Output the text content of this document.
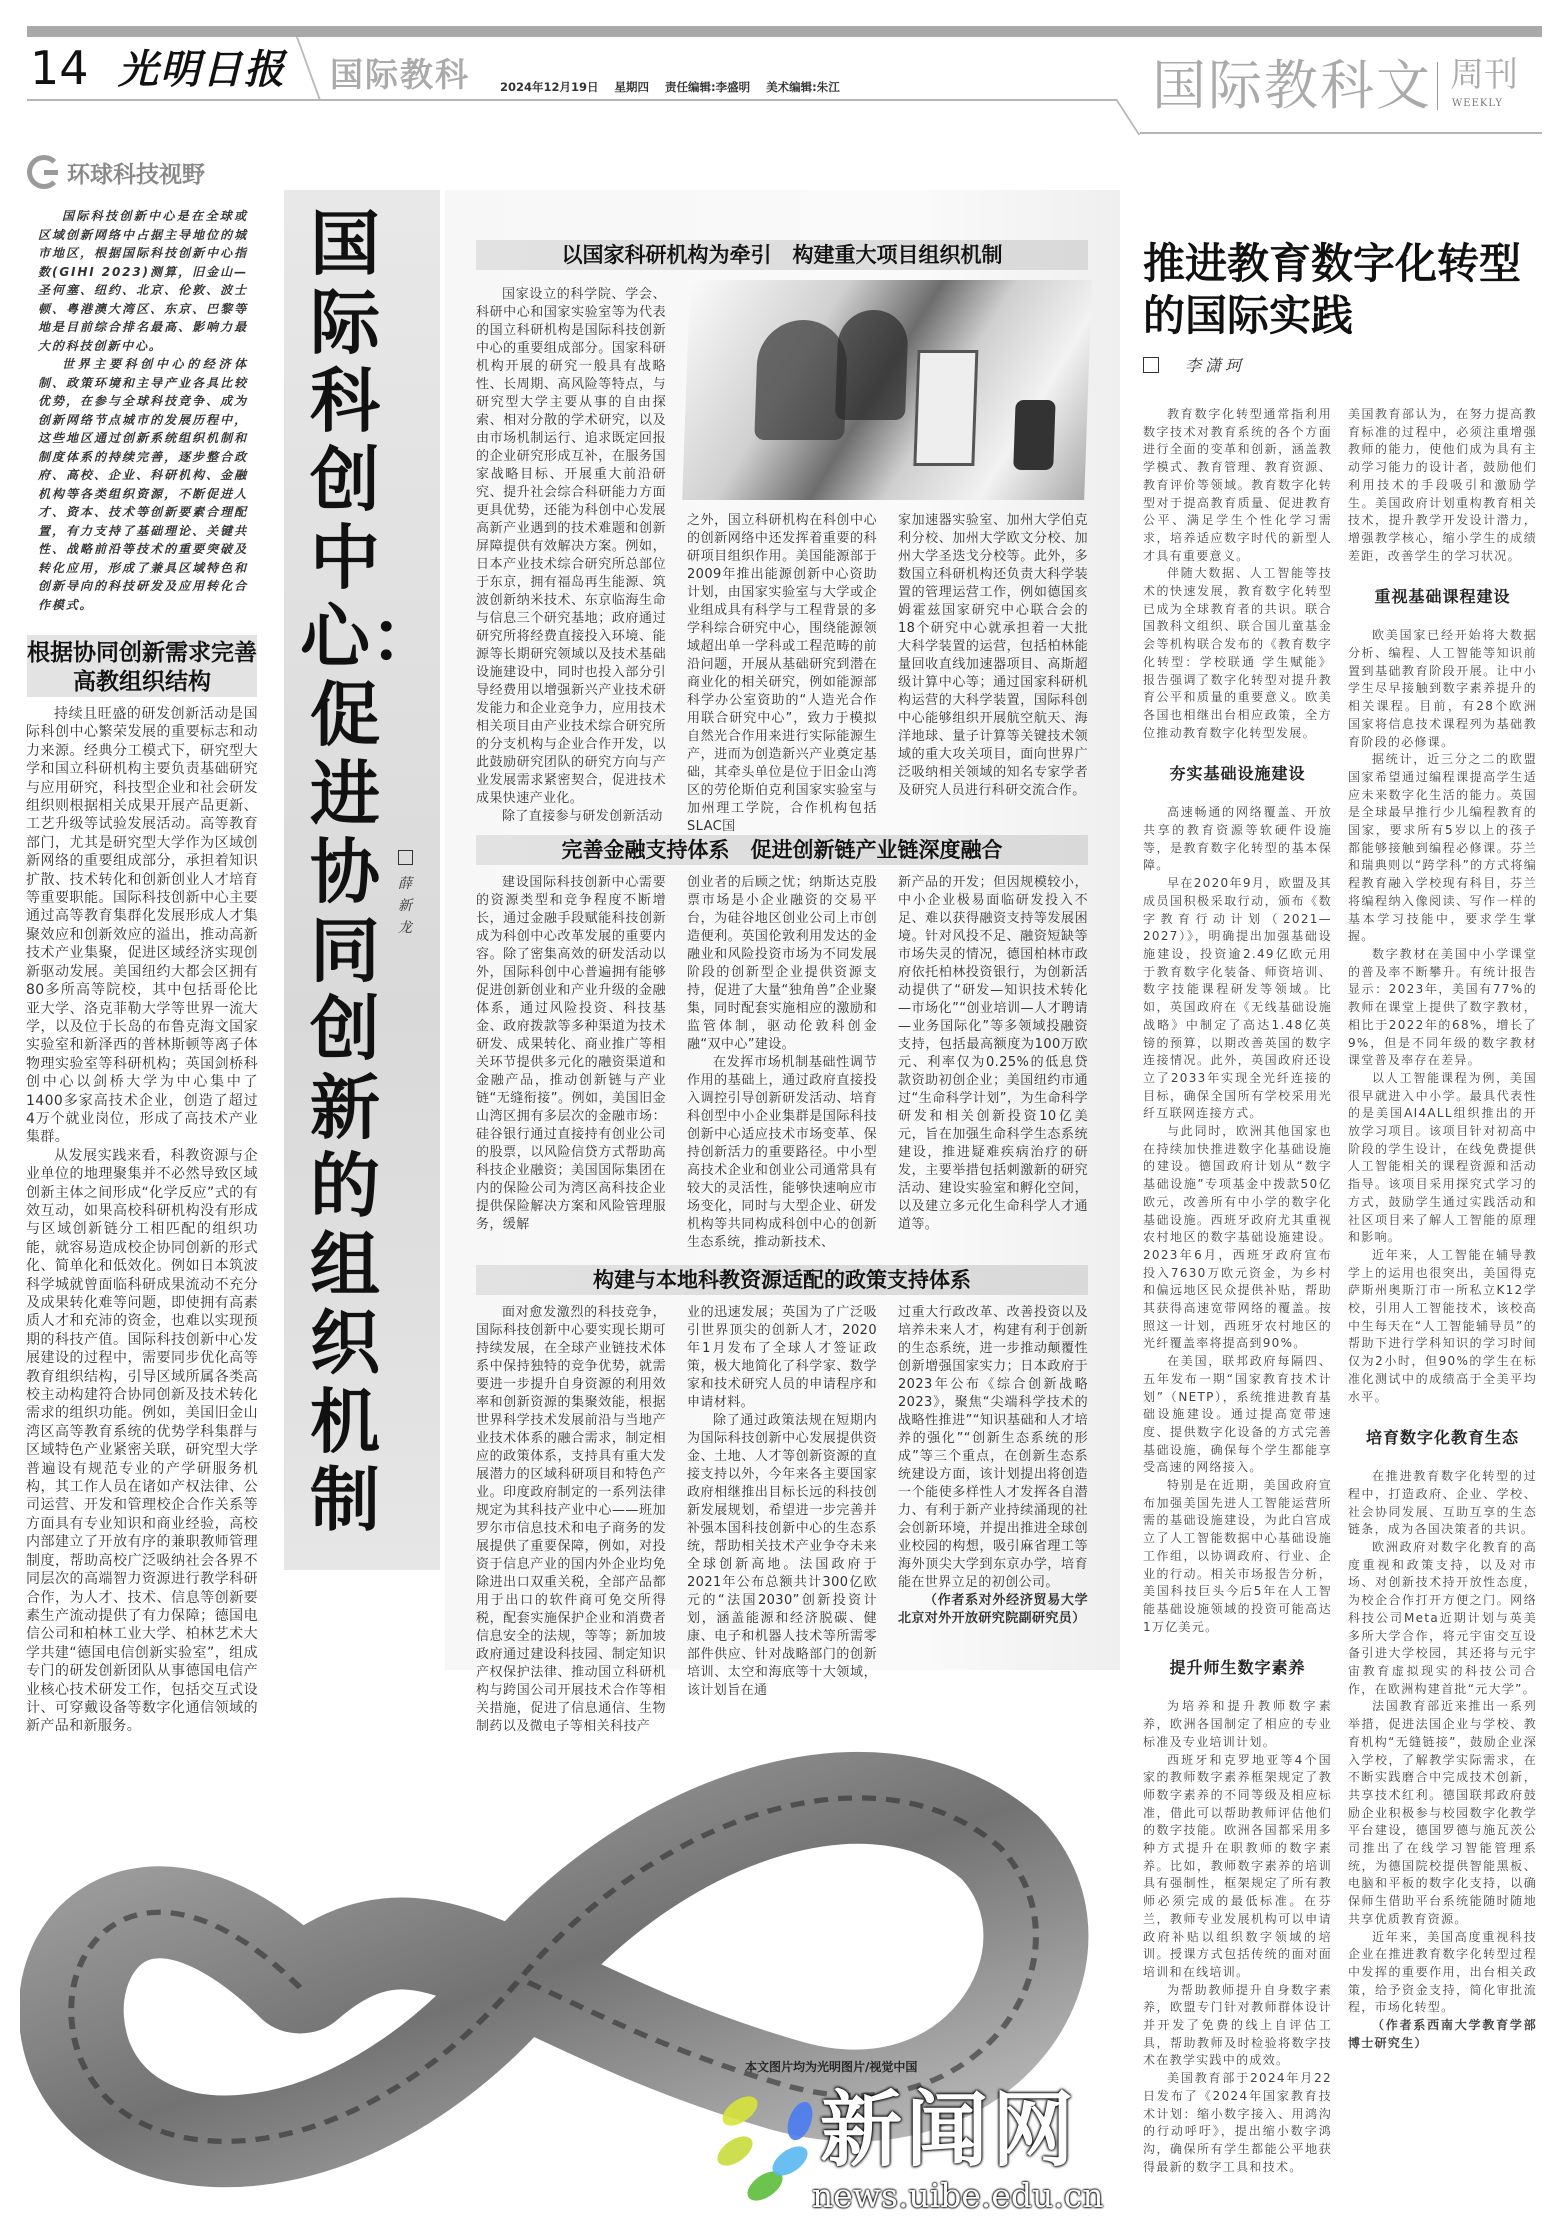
14 光明日报 国际教科	2024年12月19日 星期四 责任编辑:李盛明 美术编辑:朱江	国际教科文 周刊
WEEKLY
环球科技视野

国际科技创新中心是在全球或区域创新网络中占据主导地位的城市地区，根据国际科技创新中心指数(GIHI 2023)测算，旧金山—圣何塞、纽约、北京、伦敦、波士顿、粤港澳大湾区、东京、巴黎等地是目前综合排名最高、影响力最大的科技创新中心。

世界主要科创中心的经济体制、政策环境和主导产业各具比较优势，在参与全球科技竞争、成为创新网络节点城市的发展历程中，这些地区通过创新系统组织机制和制度体系的持续完善，逐步整合政府、高校、企业、科研机构、金融机构等各类组织资源，不断促进人才、资本、技术等创新要素合理配置，有力支持了基础理论、关键共性、战略前沿等技术的重要突破及转化应用，形成了兼具区域特色和创新导向的科技研发及应用转化合作模式。

根据协同创新需求完善高教组织结构

持续且旺盛的研发创新活动是国际科创中心繁荣发展的重要标志和动力来源。经典分工模式下，研究型大学和国立科研机构主要负责基础研究与应用研究，科技型企业和社会研发组织则根据相关成果开展产品更新、工艺升级等试验发展活动。高等教育部门，尤其是研究型大学作为区域创新网络的重要组成部分，承担着知识扩散、技术转化和创新创业人才培育等重要职能。国际科技创新中心主要通过高等教育集群化发展形成人才集聚效应和创新效应的溢出，推动高新技术产业集聚，促进区域经济实现创新驱动发展。美国纽约大都会区拥有80多所高等院校，其中包括哥伦比亚大学、洛克菲勒大学等世界一流大学，以及位于长岛的布鲁克海文国家实验室和新泽西的普林斯顿等离子体物理实验室等科研机构；英国剑桥科创中心以剑桥大学为中心集中了1400多家高技术企业，创造了超过4万个就业岗位，形成了高技术产业集群。

从发展实践来看，科教资源与企业单位的地理聚集并不必然导致区域创新主体之间形成“化学反应”式的有效互动，如果高校科研机构没有形成与区域创新链分工相匹配的组织功能，就容易造成校企协同创新的形式化、简单化和低效化。例如日本筑波科学城就曾面临科研成果流动不充分及成果转化难等问题，即使拥有高素质人才和充沛的资金，也难以实现预期的科技产值。国际科技创新中心发展建设的过程中，需要同步优化高等教育组织结构，引导区域所属各类高校主动构建符合协同创新及技术转化需求的组织功能。例如，美国旧金山湾区高等教育系统的优势学科集群与区域特色产业紧密关联，研究型大学普遍设有规范专业的产学研服务机构，其工作人员在诸如产权法律、公司运营、开发和管理校企合作关系等方面具有专业知识和商业经验，高校内部建立了开放有序的兼职教师管理制度，帮助高校广泛吸纳社会各界不同层次的高端智力资源进行教学科研合作，为人才、技术、信息等创新要素生产流动提供了有力保障；德国电信公司和柏林工业大学、柏林艺术大学共建“德国电信创新实验室”，组成专门的研发创新团队从事德国电信产业核心技术研发工作，包括交互式设计、可穿戴设备等数字化通信领域的新产品和新服务。

国际科创中心：促进协同创新的组织机制
薛新龙
以国家科研机构为牵引　构建重大项目组织机制

国家设立的科学院、学会、科研中心和国家实验室等为代表的国立科研机构是国际科技创新中心的重要组成部分。国家科研机构开展的研究一般具有战略性、长周期、高风险等特点，与研究型大学主要从事的自由探索、相对分散的学术研究，以及由市场机制运行、追求既定回报的企业研究形成互补，在服务国家战略目标、开展重大前沿研究、提升社会综合科研能力方面更具优势，还能为科创中心发展高新产业遇到的技术难题和创新屏障提供有效解决方案。例如，日本产业技术综合研究所总部位于东京，拥有福岛再生能源、筑波创新纳米技术、东京临海生命与信息三个研究基地；政府通过研究所将经费直接投入环境、能源等长期研究领域以及技术基础设施建设中，同时也投入部分引导经费用以增强新兴产业技术研发能力和企业竞争力，应用技术相关项目由产业技术综合研究所的分支机构与企业合作开发，以此鼓励研究团队的研究方向与产业发展需求紧密契合，促进技术成果快速产业化。

除了直接参与研发创新活动

之外，国立科研机构在科创中心的创新网络中还发挥着重要的科研项目组织作用。美国能源部于2009年推出能源创新中心资助计划，由国家实验室与大学或企业组成具有科学与工程背景的多学科综合研究中心，围绕能源领域超出单一学科或工程范畴的前沿问题，开展从基础研究到潜在商业化的相关研究，例如能源部科学办公室资助的“人造光合作用联合研究中心”，致力于模拟自然光合作用来进行实际能源生产，进而为创造新兴产业奠定基础，其牵头单位是位于旧金山湾区的劳伦斯伯克利国家实验室与加州理工学院，合作机构包括SLAC国

家加速器实验室、加州大学伯克利分校、加州大学欧文分校、加州大学圣迭戈分校等。此外，多数国立科研机构还负责大科学装置的管理运营工作，例如德国亥姆霍兹国家研究中心联合会的18个研究中心就承担着一大批大科学装置的运营，包括柏林能量回收直线加速器项目、高斯超级计算中心等；通过国家科研机构运营的大科学装置，国际科创中心能够组织开展航空航天、海洋地球、量子计算等关键技术领域的重大攻关项目，面向世界广泛吸纳相关领域的知名专家学者及研究人员进行科研交流合作。

完善金融支持体系　促进创新链产业链深度融合

建设国际科技创新中心需要的资源类型和竞争程度不断增长，通过金融手段赋能科技创新成为科创中心改革发展的重要内容。除了密集高效的研发活动以外，国际科创中心普遍拥有能够促进创新创业和产业升级的金融体系，通过风险投资、科技基金、政府拨款等多种渠道为技术研发、成果转化、商业推广等相关环节提供多元化的融资渠道和金融产品，推动创新链与产业链“无缝衔接”。例如，美国旧金山湾区拥有多层次的金融市场：硅谷银行通过直接持有创业公司的股票，以风险信贷方式帮助高科技企业融资；美国国际集团在内的保险公司为湾区高科技企业提供保险解决方案和风险管理服务，缓解

创业者的后顾之忧；纳斯达克股票市场是小企业融资的交易平台，为硅谷地区创业公司上市创造便利。英国伦敦利用发达的金融业和风险投资市场为不同发展阶段的创新型企业提供资源支持，促进了大量“独角兽”企业聚集，同时配套实施相应的激励和监管体制，驱动伦敦科创金融“双中心”建设。

在发挥市场机制基础性调节作用的基础上，通过政府直接投入调控引导创新研发活动、培育科创型中小企业集群是国际科技创新中心适应技术市场变革、保持创新活力的重要路径。中小型高技术企业和创业公司通常具有较大的灵活性，能够快速响应市场变化，同时与大型企业、研发机构等共同构成科创中心的创新生态系统，推动新技术、

新产品的开发；但因规模较小，中小企业极易面临研发投入不足、难以获得融资支持等发展困境。针对风投不足、融资短缺等市场失灵的情况，德国柏林市政府依托柏林投资银行，为创新活动提供了“研发—知识技术转化—市场化”“创业培训—人才聘请—业务国际化”等多领域投融资支持，包括最高额度为100万欧元、利率仅为0.25%的低息贷款资助初创企业；美国纽约市通过“生命科学计划”，为生命科学研发和相关创新投资10亿美元，旨在加强生命科学生态系统建设，推进疑难疾病治疗的研发，主要举措包括刺激新的研究活动、建设实验室和孵化空间，以及建立多元化生命科学人才通道等。

构建与本地科教资源适配的政策支持体系

面对愈发激烈的科技竞争，国际科技创新中心要实现长期可持续发展，在全球产业链技术体系中保持独特的竞争优势，就需要进一步提升自身资源的利用效率和创新资源的集聚效能，根据世界科学技术发展前沿与当地产业技术体系的融合需求，制定相应的政策体系，支持具有重大发展潜力的区域科研项目和特色产业。印度政府制定的一系列法律规定为其科技产业中心——班加罗尔市信息技术和电子商务的发展提供了重要保障，例如，对投资于信息产业的国内外企业均免除进出口双重关税，全部产品都用于出口的软件商可免交所得税，配套实施保护企业和消费者信息安全的法规，等等；新加坡政府通过建设科技园、制定知识产权保护法律、推动国立科研机构与跨国公司开展技术合作等相关措施，促进了信息通信、生物制药以及微电子等相关科技产

业的迅速发展；英国为了广泛吸引世界顶尖的创新人才，2020年1月发布了全球人才签证政策，极大地简化了科学家、数学家和技术研究人员的申请程序和申请材料。

除了通过政策法规在短期内为国际科技创新中心发展提供资金、土地、人才等创新资源的直接支持以外，今年来各主要国家政府相继推出目标长远的科技创新发展规划，希望进一步完善并补强本国科技创新中心的生态系统，帮助相关技术产业争夺未来全球创新高地。法国政府于2021年公布总额共计300亿欧元的“法国2030”创新投资计划，涵盖能源和经济脱碳、健康、电子和机器人技术等所需零部件供应、针对战略部门的创新培训、太空和海底等十大领域，该计划旨在通

过重大行政改革、改善投资以及培养未来人才，构建有利于创新的生态系统，进一步推动颠覆性创新增强国家实力；日本政府于2023年公布《综合创新战略2023》，聚焦“尖端科学技术的战略性推进”“知识基础和人才培养的强化”“创新生态系统的形成”等三个重点，在创新生态系统建设方面，该计划提出将创造一个能使多样性人才发挥各自潜力、有利于新产业持续涌现的社会创新环境，并提出推进全球创业校园的构想，吸引麻省理工等海外顶尖大学到东京办学，培育能在世界立足的初创公司。

（作者系对外经济贸易大学北京对外开放研究院副研究员）

本文图片均为光明图片/视觉中国
推进教育数字化转型
的国际实践
李潇珂

教育数字化转型通常指利用数字技术对教育系统的各个方面进行全面的变革和创新，涵盖教学模式、教育管理、教育资源、教育评价等领域。教育数字化转型对于提高教育质量、促进教育公平、满足学生个性化学习需求，培养适应数字时代的新型人才具有重要意义。

伴随大数据、人工智能等技术的快速发展，教育数字化转型已成为全球教育者的共识。联合国教科文组织、联合国儿童基金会等机构联合发布的《教育数字化转型：学校联通 学生赋能》报告强调了数字化转型对提升教育公平和质量的重要意义。欧美各国也相继出台相应政策，全方位推动教育数字化转型发展。

夯实基础设施建设

高速畅通的网络覆盖、开放共享的教育资源等软硬件设施等，是教育数字化转型的基本保障。

早在2020年9月，欧盟及其成员国积极采取行动，颁布《数字教育行动计划（2021—2027）》，明确提出加强基础设施建设，投资逾2.49亿欧元用于教育数字化装备、师资培训、数字技能课程研发等领域。比如，英国政府在《无线基础设施战略》中制定了高达1.48亿英镑的预算，以期改善英国的数字连接情况。此外，英国政府还设立了2033年实现全光纤连接的目标，确保全国所有学校采用光纤互联网连接方式。

与此同时，欧洲其他国家也在持续加快推进数字化基础设施的建设。德国政府计划从“数字基础设施”专项基金中拨款50亿欧元，改善所有中小学的数字化基础设施。西班牙政府尤其重视农村地区的数字基础设施建设。2023年6月，西班牙政府宣布投入7630万欧元资金，为乡村和偏远地区民众提供补贴，帮助其获得高速宽带网络的覆盖。按照这一计划，西班牙农村地区的光纤覆盖率将提高到90%。

在美国，联邦政府每隔四、五年发布一期“国家教育技术计划”（NETP），系统推进教育基础设施建设。通过提高宽带速度、提供数字化设备的方式完善基础设施，确保每个学生都能享受高速的网络接入。

特别是在近期，美国政府宣布加强美国先进人工智能运营所需的基础设施建设，为此白宫成立了人工智能数据中心基础设施工作组，以协调政府、行业、企业的行动。相关市场报告分析，美国科技巨头今后5年在人工智能基础设施领域的投资可能高达1万亿美元。

提升师生数字素养

为培养和提升教师数字素养，欧洲各国制定了相应的专业标准及专业培训计划。

西班牙和克罗地亚等4个国家的教师数字素养框架规定了教师数字素养的不同等级及相应标准，借此可以帮助教师评估他们的数字技能。欧洲各国都采用多种方式提升在职教师的数字素养。比如，教师数字素养的培训具有强制性，框架规定了所有教师必须完成的最低标准。在芬兰，教师专业发展机构可以申请政府补贴以组织数字领域的培训。授课方式包括传统的面对面培训和在线培训。

为帮助教师提升自身数字素养，欧盟专门针对教师群体设计并开发了免费的线上自评估工具，帮助教师及时检验将数字技术在教学实践中的成效。

美国教育部于2024年月22日发布了《2024年国家教育技术计划：缩小数字接入、用鸿沟的行动呼吁》，提出缩小数字鸿沟，确保所有学生都能公平地获得最新的数字工具和技术。

美国教育部认为，在努力提高教育标准的过程中，必须注重增强教师的能力，使他们成为具有主动学习能力的设计者，鼓励他们利用技术的手段吸引和激励学生。美国政府计划重构教育相关技术，提升教学开发设计潜力，增强教学核心，缩小学生的成绩差距，改善学生的学习状况。

重视基础课程建设

欧美国家已经开始将大数据分析、编程、人工智能等知识前置到基础教育阶段开展。让中小学生尽早接触到数字素养提升的相关课程。目前，有28个欧洲国家将信息技术课程列为基础教育阶段的必修课。

据统计，近三分之二的欧盟国家希望通过编程课提高学生适应未来数字化生活的能力。英国是全球最早推行少儿编程教育的国家，要求所有5岁以上的孩子都能够接触到编程必修课。芬兰和瑞典则以“跨学科”的方式将编程教育融入学校现有科目，芬兰将编程纳入像阅读、写作一样的基本学习技能中，要求学生掌握。

数字教材在美国中小学课堂的普及率不断攀升。有统计报告显示：2023年，美国有77%的教师在课堂上提供了数字教材，相比于2022年的68%，增长了9%，但是不同年级的数字教材课堂普及率存在差异。

以人工智能课程为例，美国很早就进入中小学。最具代表性的是美国AI4ALL组织推出的开放学习项目。该项目针对初高中阶段的学生设计，在线免费提供人工智能相关的课程资源和活动指导。该项目采用探究式学习的方式，鼓励学生通过实践活动和社区项目来了解人工智能的原理和影响。

近年来，人工智能在辅导教学上的运用也很突出，美国得克萨斯州奥斯汀市一所私立K12学校，引用人工智能技术，该校高中生每天在“人工智能辅导员”的帮助下进行学科知识的学习时间仅为2小时，但90%的学生在标准化测试中的成绩高于全美平均水平。

培育数字化教育生态

在推进教育数字化转型的过程中，打造政府、企业、学校、社会协同发展、互助互享的生态链条，成为各国决策者的共识。

欧洲政府对数字化教育的高度重视和政策支持，以及对市场、对创新技术持开放性态度，为校企合作打开方便之门。网络科技公司Meta近期计划与英美多所大学合作，将元宇宙交互设备引进大学校园，其还将与元宇宙教育虚拟现实的科技公司合作，在欧洲构建首批“元大学”。

法国教育部近来推出一系列举措，促进法国企业与学校、教育机构“无缝链接”，鼓励企业深入学校，了解教学实际需求，在不断实践磨合中完成技术创新，共享技术红利。德国联邦政府鼓励企业积极参与校园数字化教学平台建设，德国罗德与施瓦茨公司推出了在线学习智能管理系统，为德国院校提供智能黑板、电脑和平板的数字化支持，以确保师生借助平台系统能随时随地共享优质教育资源。

近年来，美国高度重视科技企业在推进教育数字化转型过程中发挥的重要作用，出台相关政策，给予资金支持，简化审批流程，市场化转型。

（作者系西南大学教育学部博士研究生）

新闻网
news.uibe.edu.cn
